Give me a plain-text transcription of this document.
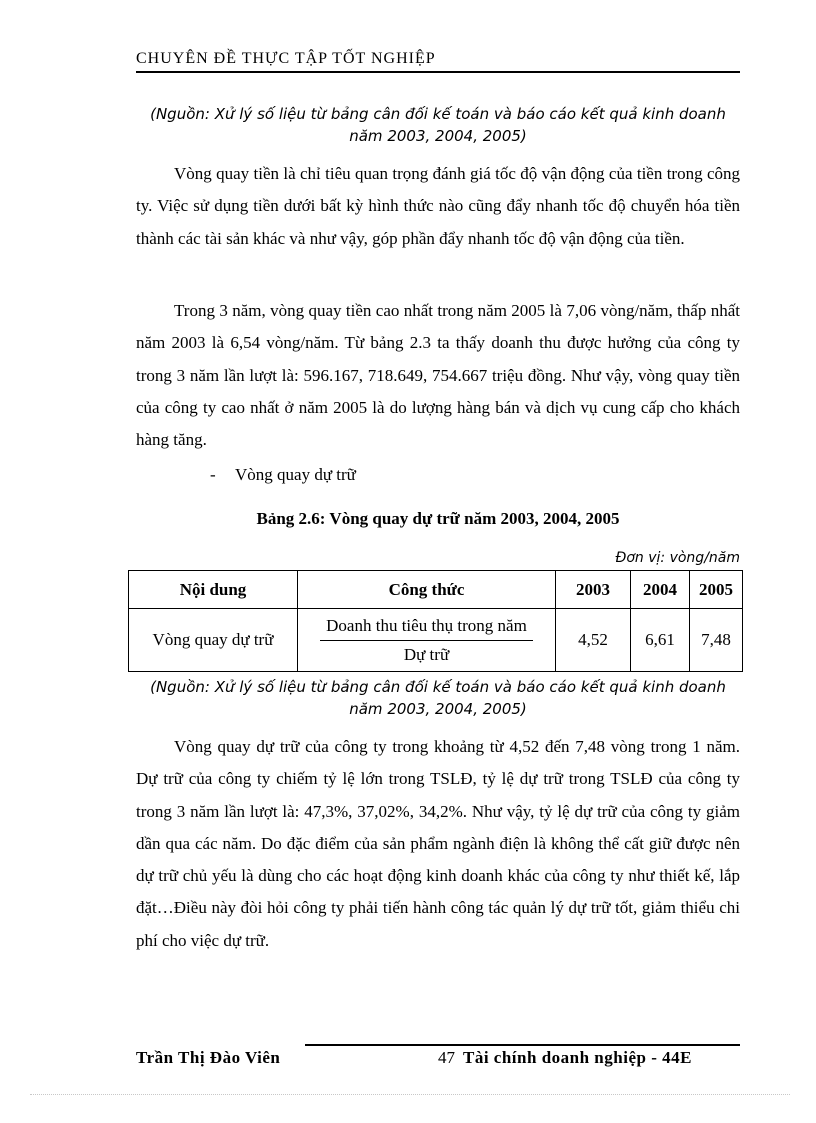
CHUYÊN ĐỀ THỰC TẬP TỐT NGHIỆP
(Nguồn: Xử lý số liệu từ bảng cân đối kế toán và báo cáo kết quả kinh doanh năm 2003, 2004, 2005)
Vòng quay tiền là chỉ tiêu quan trọng đánh giá tốc độ vận động của tiền trong công ty. Việc sử dụng tiền dưới bất kỳ hình thức nào cũng đẩy nhanh tốc độ chuyển hóa tiền thành các tài sản khác và như vậy, góp phần đẩy nhanh tốc độ vận động của tiền.
Trong 3 năm, vòng quay tiền cao nhất trong năm 2005 là 7,06 vòng/năm, thấp nhất năm 2003 là 6,54 vòng/năm. Từ bảng 2.3 ta thấy doanh thu được hưởng của công ty trong 3 năm lần lượt là: 596.167, 718.649, 754.667 triệu đồng. Như vậy, vòng quay tiền của công ty cao nhất ở năm 2005 là do lượng hàng bán và dịch vụ cung cấp cho khách hàng tăng.
- Vòng quay dự trữ
Bảng 2.6: Vòng quay dự trữ năm 2003, 2004, 2005
Đơn vị: vòng/năm
Nội dung	Công thức	2003	2004	2005
Vòng quay dự trữ	$\frac{\text{Doanh thu tiêu thụ trong năm}}{\text{Dự trữ}}$	4,52	6,61	7,48
(Nguồn: Xử lý số liệu từ bảng cân đối kế toán và báo cáo kết quả kinh doanh năm 2003, 2004, 2005)
Vòng quay dự trữ của công ty trong khoảng từ 4,52 đến 7,48 vòng trong 1 năm. Dự trữ của công ty chiếm tỷ lệ lớn trong TSLĐ, tỷ lệ dự trữ trong TSLĐ của công ty trong 3 năm lần lượt là: 47,3%, 37,02%, 34,2%. Như vậy, tỷ lệ dự trữ của công ty giảm dần qua các năm. Do đặc điểm của sản phẩm ngành điện là không thể cất giữ được nên dự trữ chủ yếu là dùng cho các hoạt động kinh doanh khác của công ty như thiết kế, lắp đặt…Điều này đòi hỏi công ty phải tiến hành công tác quản lý dự trữ tốt, giảm thiểu chi phí cho việc dự trữ.
Trần Thị Đào Viên	47 Tài chính doanh nghiệp - 44E
